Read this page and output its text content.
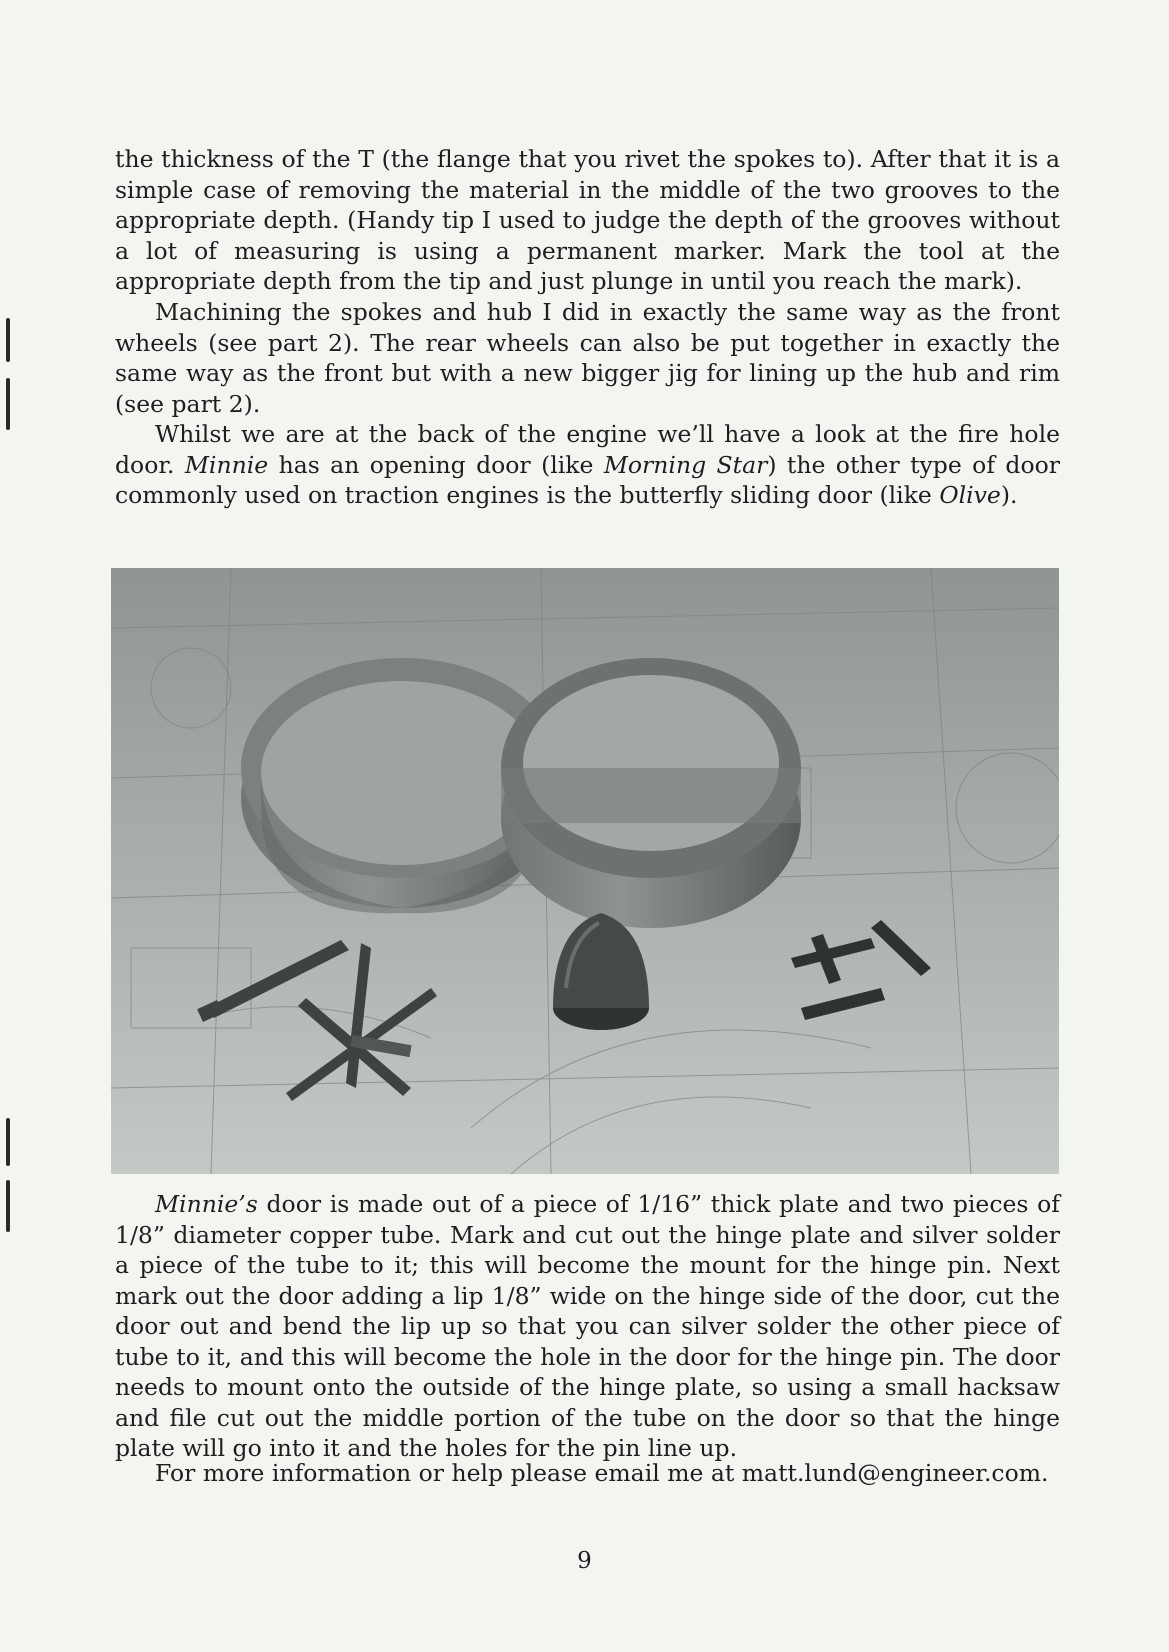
the thickness of the T (the flange that you rivet the spokes to). After that it is a simple case of removing the material in the middle of the two grooves to the appropriate depth. (Handy tip I used to judge the depth of the grooves without a lot of measuring is using a permanent marker. Mark the tool at the appropriate depth from the tip and just plunge in until you reach the mark).

Machining the spokes and hub I did in exactly the same way as the front wheels (see part 2). The rear wheels can also be put together in exactly the same way as the front but with a new bigger jig for lining up the hub and rim (see part 2).

Whilst we are at the back of the engine we’ll have a look at the fire hole door. Minnie has an opening door (like Morning Star) the other type of door commonly used on traction engines is the butterfly sliding door (like Olive).

Minnie’s door is made out of a piece of 1/16” thick plate and two pieces of 1/8” diameter copper tube. Mark and cut out the hinge plate and silver solder a piece of the tube to it; this will become the mount for the hinge pin. Next mark out the door adding a lip 1/8” wide on the hinge side of the door, cut the door out and bend the lip up so that you can silver solder the other piece of tube to it, and this will become the hole in the door for the hinge pin. The door needs to mount onto the outside of the hinge plate, so using a small hacksaw and file cut out the middle portion of the tube on the door so that the hinge plate will go into it and the holes for the pin line up.

For more information or help please email me at matt.lund@engineer.com.

9
